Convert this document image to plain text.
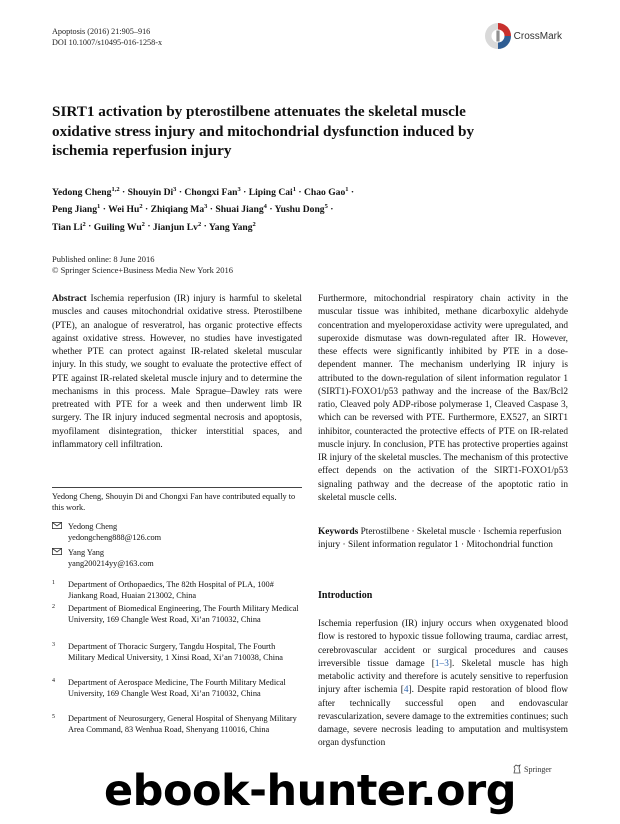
Apoptosis (2016) 21:905–916
DOI 10.1007/s10495-016-1258-x
CrossMark
SIRT1 activation by pterostilbene attenuates the skeletal muscle oxidative stress injury and mitochondrial dysfunction induced by ischemia reperfusion injury
Yedong Cheng$^{1,2}$ · Shouyin $Di^3$ · Chongxi Fan$^3$ · Liping Cai$^1$ · Chao Gao$^1$ ·
Peng Jiang$^1$ · Wei $Hu^2$ · Zhiqiang $Ma^3$ · Shuai Jiang$^4$ · Yushu Dong$^5$ ·
Tian $Li^2$ · Guiling $Wu^2$ · Jianjun $Lv^2$ · Yang Yang$^2$
Published online: 8 June 2016
© Springer Science+Business Media New York 2016

Abstract Ischemia reperfusion (IR) injury is harmful to skeletal muscles and causes mitochondrial oxidative stress. Pterostilbene (PTE), an analogue of resveratrol, has organic protective effects against oxidative stress. However, no studies have investigated whether PTE can protect against IR-related skeletal muscular injury. In this study, we sought to evaluate the protective effect of PTE against IR-related skeletal muscle injury and to determine the mechanisms in this process. Male Sprague–Dawley rats were pretreated with PTE for a week and then underwent limb IR surgery. The IR injury induced segmental necrosis and apoptosis, myofilament disintegration, thicker interstitial spaces, and inflammatory cell infiltration.

Furthermore, mitochondrial respiratory chain activity in the muscular tissue was inhibited, methane dicarboxylic aldehyde concentration and myeloperoxidase activity were upregulated, and superoxide dismutase was down-regulated after IR. However, these effects were significantly inhibited by PTE in a dose-dependent manner. The mechanism underlying IR injury is attributed to the down-regulation of silent information regulator 1 (SIRT1)-FOXO1/p53 pathway and the increase of the Bax/Bcl2 ratio, Cleaved poly ADP-ribose polymerase 1, Cleaved Caspase 3, which can be reversed with PTE. Furthermore, EX527, an SIRT1 inhibitor, counteracted the protective effects of PTE on IR-related muscle injury. In conclusion, PTE has protective properties against IR injury of the skeletal muscles. The mechanism of this protective effect depends on the activation of the SIRT1-FOXO1/p53 signaling pathway and the decrease of the apoptotic ratio in skeletal muscle cells.

Yedong Cheng, Shouyin Di and Chongxi Fan have contributed equally to this work.
Yedong Cheng
yedongcheng888@126.com
Yang Yang
yang200214yy@163.com
1	Department of Orthopaedics, The 82th Hospital of PLA, 100# Jiankang Road, Huaian 213002, China
2	Department of Biomedical Engineering, The Fourth Military Medical University, 169 Changle West Road, Xi’an 710032, China
3	Department of Thoracic Surgery, Tangdu Hospital, The Fourth Military Medical University, 1 Xinsi Road, Xi’an 710038, China
4	Department of Aerospace Medicine, The Fourth Military Medical University, 169 Changle West Road, Xi’an 710032, China
5	Department of Neurosurgery, General Hospital of Shenyang Military Area Command, 83 Wenhua Road, Shenyang 110016, China
Keywords Pterostilbene · Skeletal muscle · Ischemia reperfusion injury · Silent information regulator 1 · Mitochondrial function
Introduction

Ischemia reperfusion (IR) injury occurs when oxygenated blood flow is restored to hypoxic tissue following trauma, cardiac arrest, cerebrovascular accident or surgical procedures and causes irreversible tissue damage [1–3]. Skeletal muscle has high metabolic activity and therefore is acutely sensitive to reperfusion injury after ischemia [4]. Despite rapid restoration of blood flow after technically successful open and endovascular revascularization, severe damage to the extremities continues; such damage, severe necrosis leading to amputation and multisystem organ dysfunction

Springer
ebook-hunter.org
